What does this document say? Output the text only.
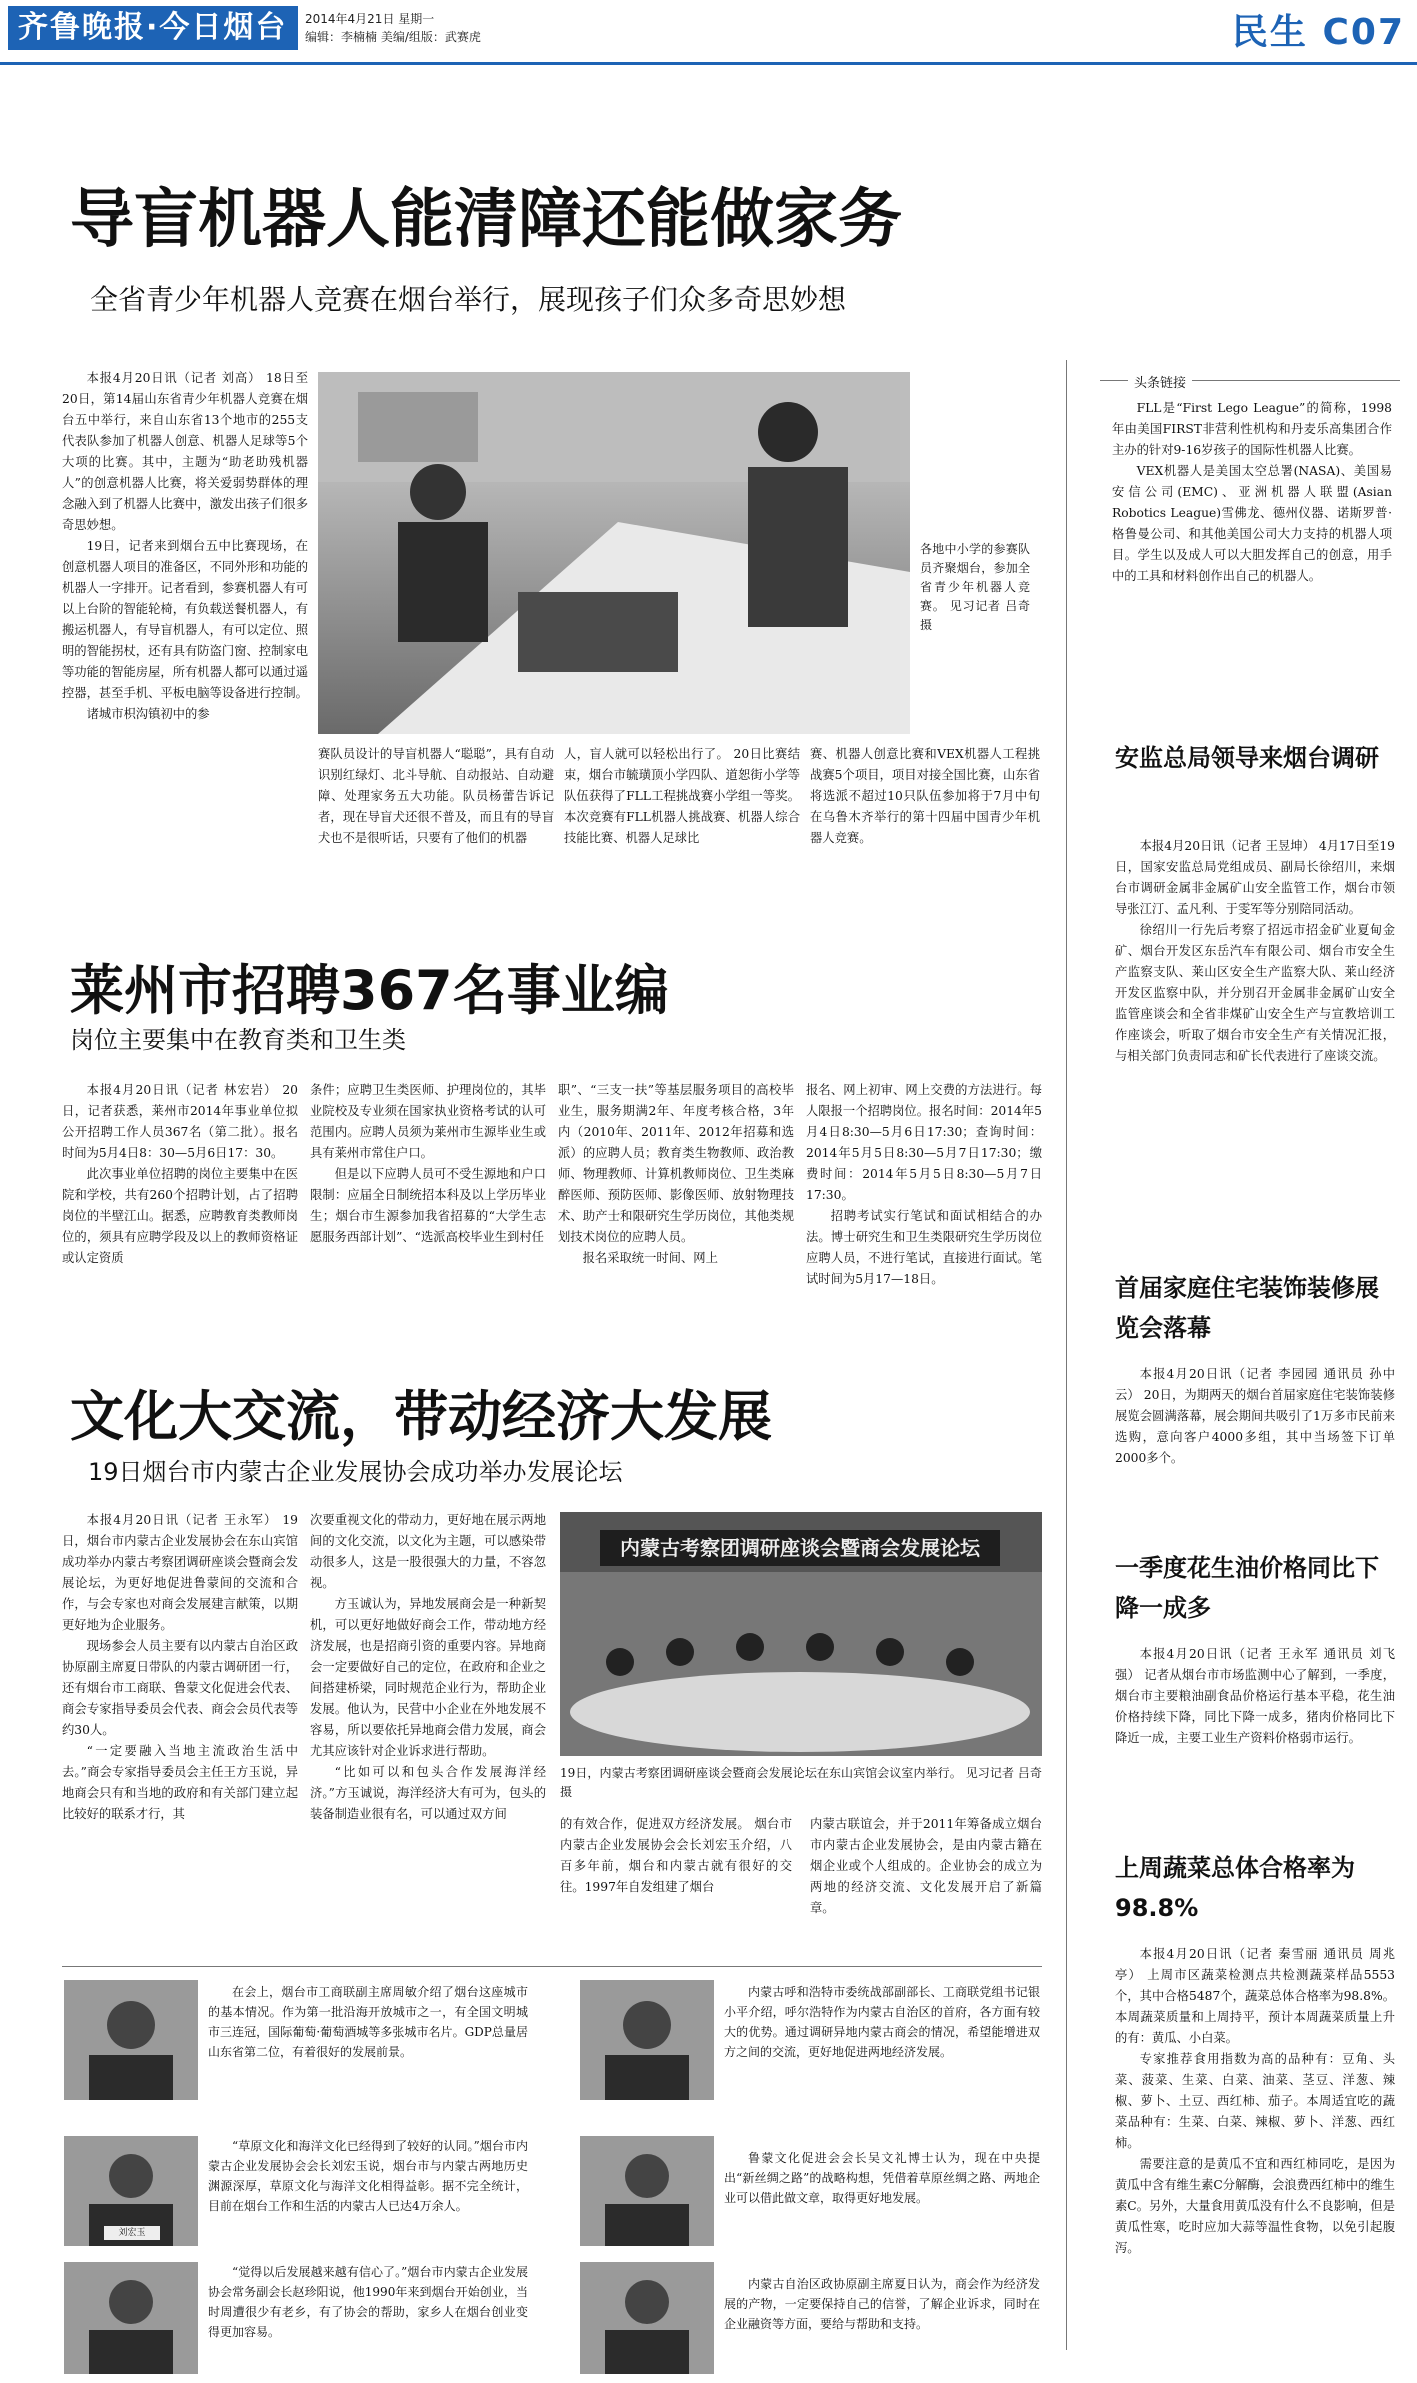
齐鲁晚报·今日烟台	2014年4月21日 星期一
编辑：李楠楠 美编/组版：武赛虎	民生 C07
导盲机器人能清障还能做家务
全省青少年机器人竞赛在烟台举行，展现孩子们众多奇思妙想
本报4月20日讯（记者 刘高） 18日至20日，第14届山东省青少年机器人竞赛在烟台五中举行，来自山东省13个地市的255支代表队参加了机器人创意、机器人足球等5个大项的比赛。其中，主题为“助老助残机器人”的创意机器人比赛，将关爱弱势群体的理念融入到了机器人比赛中，激发出孩子们很多奇思妙想。
19日，记者来到烟台五中比赛现场，在创意机器人项目的准备区，不同外形和功能的机器人一字排开。记者看到，参赛机器人有可以上台阶的智能轮椅，有负载送餐机器人，有搬运机器人，有导盲机器人，有可以定位、照明的智能拐杖，还有具有防盗门窗、控制家电等功能的智能房屋，所有机器人都可以通过遥控器，甚至手机、平板电脑等设备进行控制。
诸城市枳沟镇初中的参
各地中小学的参赛队员齐聚烟台，参加全省青少年机器人竞赛。 见习记者 吕奇 摄
赛队员设计的导盲机器人“聪聪”，具有自动识别红绿灯、北斗导航、自动报站、自动避障、处理家务五大功能。队员杨蕾告诉记者，现在导盲犬还很不普及，而且有的导盲犬也不是很听话，只要有了他们的机器
人，盲人就可以轻松出行了。 20日比赛结束，烟台市毓璜顶小学四队、道恕街小学等队伍获得了FLL工程挑战赛小学组一等奖。本次竞赛有FLL机器人挑战赛、机器人综合技能比赛、机器人足球比
赛、机器人创意比赛和VEX机器人工程挑战赛5个项目，项目对接全国比赛，山东省将选派不超过10只队伍参加将于7月中旬在乌鲁木齐举行的第十四届中国青少年机器人竞赛。
头条链接
FLL是“First Lego League”的简称，1998年由美国FIRST非营利性机构和丹麦乐高集团合作主办的针对9-16岁孩子的国际性机器人比赛。
VEX机器人是美国太空总署(NASA)、美国易安信公司(EMC)、亚洲机器人联盟(Asian Robotics League)雪佛龙、德州仪器、诺斯罗普·格鲁曼公司、和其他美国公司大力支持的机器人项目。学生以及成人可以大胆发挥自己的创意，用手中的工具和材料创作出自己的机器人。
安监总局领导来烟台调研
本报4月20日讯（记者 王昱坤） 4月17日至19日，国家安监总局党组成员、副局长徐绍川，来烟台市调研金属非金属矿山安全监管工作，烟台市领导张江汀、孟凡利、于雯军等分别陪同活动。
徐绍川一行先后考察了招远市招金矿业夏甸金矿、烟台开发区东岳汽车有限公司、烟台市安全生产监察支队、莱山区安全生产监察大队、莱山经济开发区监察中队，并分别召开金属非金属矿山安全监管座谈会和全省非煤矿山安全生产与宣教培训工作座谈会，听取了烟台市安全生产有关情况汇报，与相关部门负责同志和矿长代表进行了座谈交流。
首届家庭住宅装饰装修展览会落幕
本报4月20日讯（记者 李园园 通讯员 孙中云） 20日，为期两天的烟台首届家庭住宅装饰装修展览会圆满落幕，展会期间共吸引了1万多市民前来选购，意向客户4000多组，其中当场签下订单2000多个。
一季度花生油价格同比下降一成多
本报4月20日讯（记者 王永军 通讯员 刘飞强） 记者从烟台市市场监测中心了解到，一季度，烟台市主要粮油副食品价格运行基本平稳，花生油价格持续下降，同比下降一成多，猪肉价格同比下降近一成，主要工业生产资料价格弱市运行。
上周蔬菜总体合格率为98.8%
本报4月20日讯（记者 秦雪丽 通讯员 周兆亭） 上周市区蔬菜检测点共检测蔬菜样品5553个，其中合格5487个，蔬菜总体合格率为98.8%。本周蔬菜质量和上周持平，预计本周蔬菜质量上升的有：黄瓜、小白菜。
专家推荐食用指数为高的品种有：豆角、头菜、菠菜、生菜、白菜、油菜、茎豆、洋葱、辣椒、萝卜、土豆、西红柿、茄子。本周适宜吃的蔬菜品种有：生菜、白菜、辣椒、萝卜、洋葱、西红柿。
需要注意的是黄瓜不宜和西红柿同吃，是因为黄瓜中含有维生素C分解酶，会浪费西红柿中的维生素C。另外，大量食用黄瓜没有什么不良影响，但是黄瓜性寒，吃时应加大蒜等温性食物，以免引起腹泻。
莱州市招聘367名事业编
岗位主要集中在教育类和卫生类
本报4月20日讯（记者 林宏岩） 20日，记者获悉，莱州市2014年事业单位拟公开招聘工作人员367名（第二批）。报名时间为5月4日8：30—5月6日17：30。
此次事业单位招聘的岗位主要集中在医院和学校，共有260个招聘计划，占了招聘岗位的半壁江山。据悉，应聘教育类教师岗位的，须具有应聘学段及以上的教师资格证或认定资质
条件；应聘卫生类医师、护理岗位的，其毕业院校及专业须在国家执业资格考试的认可范围内。应聘人员须为莱州市生源毕业生或具有莱州市常住户口。
但是以下应聘人员可不受生源地和户口限制：应届全日制统招本科及以上学历毕业生；烟台市生源参加我省招募的“大学生志愿服务西部计划”、“选派高校毕业生到村任
职”、“三支一扶”等基层服务项目的高校毕业生，服务期满2年、年度考核合格，3年内（2010年、2011年、2012年招募和选派）的应聘人员；教育类生物教师、政治教师、物理教师、计算机教师岗位、卫生类麻醉医师、预防医师、影像医师、放射物理技术、助产士和限研究生学历岗位，其他类规划技术岗位的应聘人员。
报名采取统一时间、网上
报名、网上初审、网上交费的方法进行。每人限报一个招聘岗位。报名时间：2014年5月4日8:30—5月6日17:30；查询时间：2014年5月5日8:30—5月7日17:30；缴费时间：2014年5月5日8:30—5月7日17:30。
招聘考试实行笔试和面试相结合的办法。博士研究生和卫生类限研究生学历岗位应聘人员，不进行笔试，直接进行面试。笔试时间为5月17—18日。
文化大交流，带动经济大发展
19日烟台市内蒙古企业发展协会成功举办发展论坛
本报4月20日讯（记者 王永军） 19日，烟台市内蒙古企业发展协会在东山宾馆成功举办内蒙古考察团调研座谈会暨商会发展论坛，为更好地促进鲁蒙间的交流和合作，与会专家也对商会发展建言献策，以期更好地为企业服务。
现场参会人员主要有以内蒙古自治区政协原副主席夏日带队的内蒙古调研团一行，还有烟台市工商联、鲁蒙文化促进会代表、商会专家指导委员会代表、商会会员代表等约30人。
“一定要融入当地主流政治生活中去。”商会专家指导委员会主任王方玉说，异地商会只有和当地的政府和有关部门建立起比较好的联系才行，其
次要重视文化的带动力，更好地在展示两地间的文化交流，以文化为主题，可以感染带动很多人，这是一股很强大的力量，不容忽视。
方玉诚认为，异地发展商会是一种新契机，可以更好地做好商会工作，带动地方经济发展，也是招商引资的重要内容。异地商会一定要做好自己的定位，在政府和企业之间搭建桥梁，同时规范企业行为，帮助企业发展。他认为，民营中小企业在外地发展不容易，所以要依托异地商会借力发展，商会尤其应该针对企业诉求进行帮助。
“比如可以和包头合作发展海洋经济。”方玉诚说，海洋经济大有可为，包头的装备制造业很有名，可以通过双方间
内蒙古考察团调研座谈会暨商会发展论坛
19日，内蒙古考察团调研座谈会暨商会发展论坛在东山宾馆会议室内举行。 见习记者 吕奇 摄
的有效合作，促进双方经济发展。 烟台市内蒙古企业发展协会会长刘宏玉介绍，八百多年前，烟台和内蒙古就有很好的交往。1997年自发组建了烟台
内蒙古联谊会，并于2011年筹备成立烟台市内蒙古企业发展协会，是由内蒙古籍在烟企业或个人组成的。企业协会的成立为两地的经济交流、文化发展开启了新篇章。
在会上，烟台市工商联副主席周敏介绍了烟台这座城市的基本情况。作为第一批沿海开放城市之一，有全国文明城市三连冠，国际葡萄·葡萄酒城等多张城市名片。GDP总量居山东省第二位，有着很好的发展前景。
内蒙古呼和浩特市委统战部副部长、工商联党组书记银小平介绍，呼尔浩特作为内蒙古自治区的首府，各方面有较大的优势。通过调研异地内蒙古商会的情况，希望能增进双方之间的交流，更好地促进两地经济发展。
刘宏玉
“草原文化和海洋文化已经得到了较好的认同。”烟台市内蒙古企业发展协会会长刘宏玉说，烟台市与内蒙古两地历史渊源深厚，草原文化与海洋文化相得益彰。据不完全统计，目前在烟台工作和生活的内蒙古人已达4万余人。
鲁蒙文化促进会会长吴文礼博士认为，现在中央提出“新丝绸之路”的战略构想，凭借着草原丝绸之路、两地企业可以借此做文章，取得更好地发展。
“觉得以后发展越来越有信心了。”烟台市内蒙古企业发展协会常务副会长赵珍阳说，他1990年来到烟台开始创业，当时周遭很少有老乡，有了协会的帮助，家乡人在烟台创业变得更加容易。
内蒙古自治区政协原副主席夏日认为，商会作为经济发展的产物，一定要保持自己的信誉，了解企业诉求，同时在企业融资等方面，要给与帮助和支持。
